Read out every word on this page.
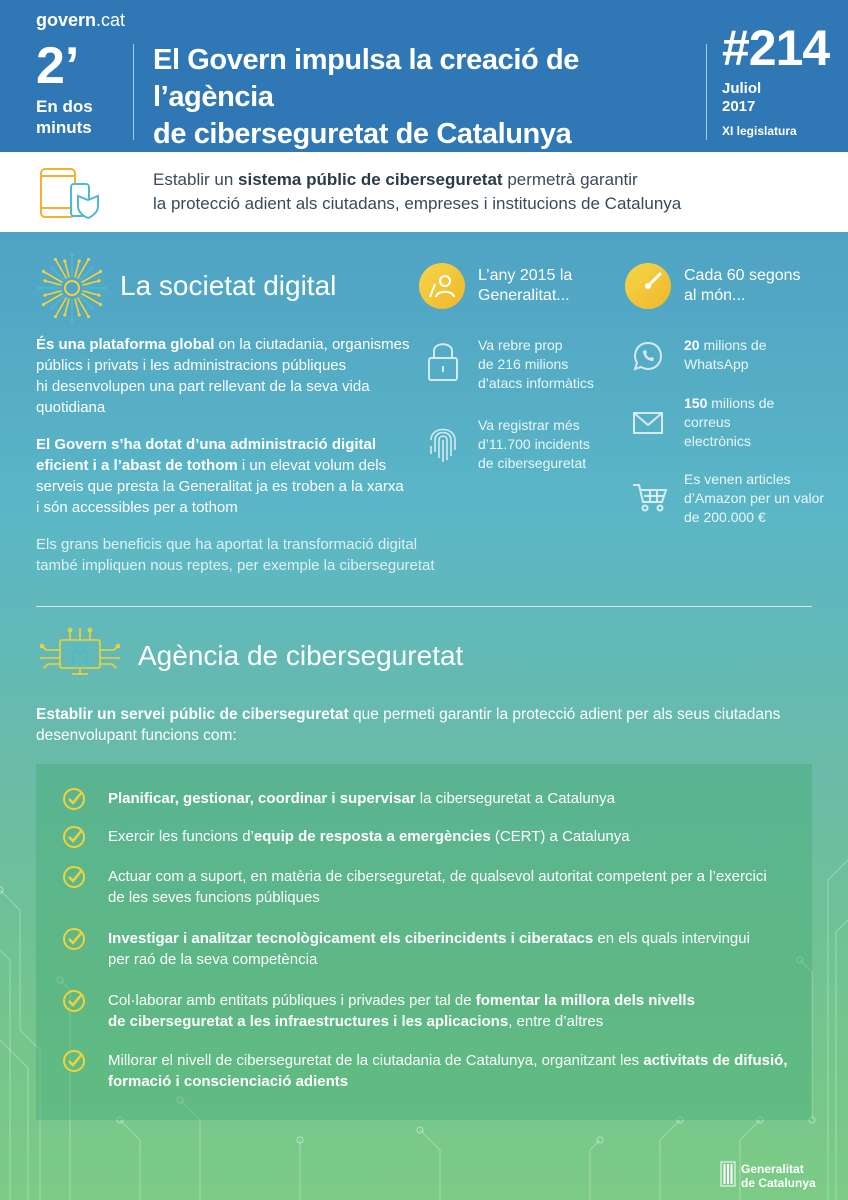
govern.cat
2’
En dos
minuts
El Govern impulsa la creació de l’agència
de ciberseguretat de Catalunya
#214
Juliol
2017
XI legislatura
Establir un sistema públic de ciberseguretat permetrà garantir
la protecció adient als ciutadans, empreses i institucions de Catalunya
La societat digital
És una plataforma global on la ciutadania, organismes
públics i privats i les administracions públiques
hi desenvolupen una part rellevant de la seva vida
quotidiana
El Govern s’ha dotat d’una administració digital
eficient i a l’abast de tothom i un elevat volum dels
serveis que presta la Generalitat ja es troben a la xarxa
i són accessibles per a tothom
Els grans beneficis que ha aportat la transformació digital
també impliquen nous reptes, per exemple la ciberseguretat
L’any 2015 la
Generalitat...
Va rebre prop
de 216 milions
d’atacs informàtics
Va registrar més
d’11.700 incidents
de ciberseguretat
Cada 60 segons
al món...
20 milions de
WhatsApp
150 milions de
correus
electrònics
Es venen articles
d’Amazon per un valor
de 200.000 €
Agència de ciberseguretat
Establir un servei públic de ciberseguretat que permeti garantir la protecció adient per als seus ciutadans
desenvolupant funcions com:
Planificar, gestionar, coordinar i supervisar la ciberseguretat a Catalunya
Exercir les funcions d’equip de resposta a emergències (CERT) a Catalunya
Actuar com a suport, en matèria de ciberseguretat, de qualsevol autoritat competent per a l’exercici
de les seves funcions públiques
Investigar i analitzar tecnològicament els ciberincidents i ciberatacs en els quals intervingui
per raó de la seva competència
Col·laborar amb entitats públiques i privades per tal de fomentar la millora dels nivells
de ciberseguretat a les infraestructures i les aplicacions, entre d’altres
Millorar el nivell de ciberseguretat de la ciutadania de Catalunya, organitzant les activitats de difusió,
formació i conscienciació adients
Generalitat
de Catalunya
